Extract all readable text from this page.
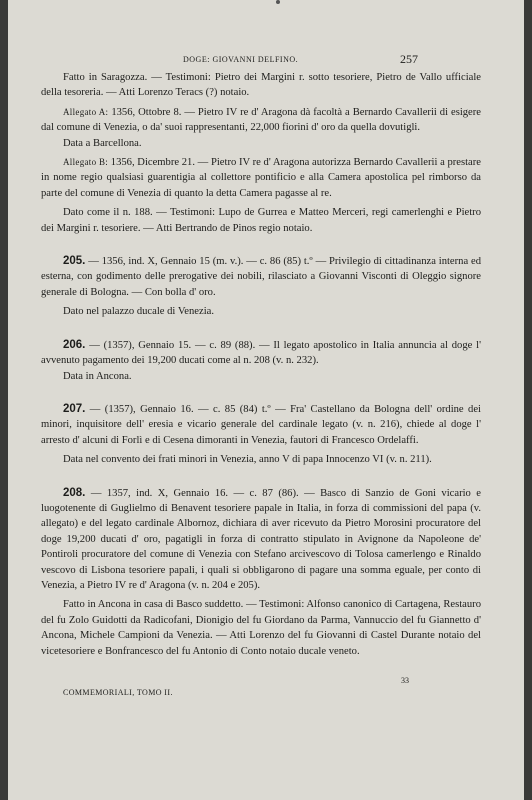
DOGE: GIOVANNI DELFINO.	257

Fatto in Saragozza. — Testimoni: Pietro dei Margini r. sotto tesoriere, Pietro de Vallo ufficiale della tesoreria. — Atti Lorenzo Teracs (?) notaio.

Allegato A: 1356, Ottobre 8. — Pietro IV re d' Aragona dà facoltà a Bernardo Cavallerii di esigere dal comune di Venezia, o da' suoi rappresentanti, 22,000 fiorini d' oro da quella dovutigli.

Data a Barcellona.

Allegato B: 1356, Dicembre 21. — Pietro IV re d' Aragona autorizza Bernardo Cavallerii a prestare in nome regio qualsiasi guarentigia al collettore pontificio e alla Camera apostolica pel rimborso da parte del comune di Venezia di quanto la detta Camera pagasse al re.

Dato come il n. 188. — Testimoni: Lupo de Gurrea e Matteo Merceri, regi camerlenghi e Pietro dei Margini r. tesoriere. — Atti Bertrando de Pinos regio notaio.

205. — 1356, ind. X, Gennaio 15 (m. v.). — c. 86 (85) t.º — Privilegio di cittadinanza interna ed esterna, con godimento delle prerogative dei nobili, rilasciato a Giovanni Visconti di Oleggio signore generale di Bologna. — Con bolla d' oro.

Dato nel palazzo ducale di Venezia.

206. — (1357), Gennaio 15. — c. 89 (88). — Il legato apostolico in Italia annuncia al doge l' avvenuto pagamento dei 19,200 ducati come al n. 208 (v. n. 232).

Data in Ancona.

207. — (1357), Gennaio 16. — c. 85 (84) t.º — Fra' Castellano da Bologna dell' ordine dei minori, inquisitore dell' eresia e vicario generale del cardinale legato (v. n. 216), chiede al doge l' arresto d' alcuni di Forlì e di Cesena dimoranti in Venezia, fautori di Francesco Ordelaffi.

Data nel convento dei frati minori in Venezia, anno V di papa Innocenzo VI (v. n. 211).

208. — 1357, ind. X, Gennaio 16. — c. 87 (86). — Basco di Sanzio de Goni vicario e luogotenente di Guglielmo di Benavent tesoriere papale in Italia, in forza di commissioni del papa (v. allegato) e del legato cardinale Albornoz, dichiara di aver ricevuto da Pietro Morosini procuratore del doge 19,200 ducati d' oro, pagatigli in forza di contratto stipulato in Avignone da Napoleone de' Pontiroli procuratore del comune di Venezia con Stefano arcivescovo di Tolosa camerlengo e Rinaldo vescovo di Lisbona tesoriere papali, i quali si obbligarono di pagare una somma eguale, per conto di Venezia, a Pietro IV re d' Aragona (v. n. 204 e 205).

Fatto in Ancona in casa di Basco suddetto. — Testimoni: Alfonso canonico di Cartagena, Restauro del fu Zolo Guidotti da Radicofani, Dionigio del fu Giordano da Parma, Vannuccio del fu Giannetto d' Ancona, Michele Campioni da Venezia. — Atti Lorenzo del fu Giovanni di Castel Durante notaio del vicetesoriere e Bonfrancesco del fu Antonio di Conto notaio ducale veneto.

33
COMMEMORIALI, TOMO II.
